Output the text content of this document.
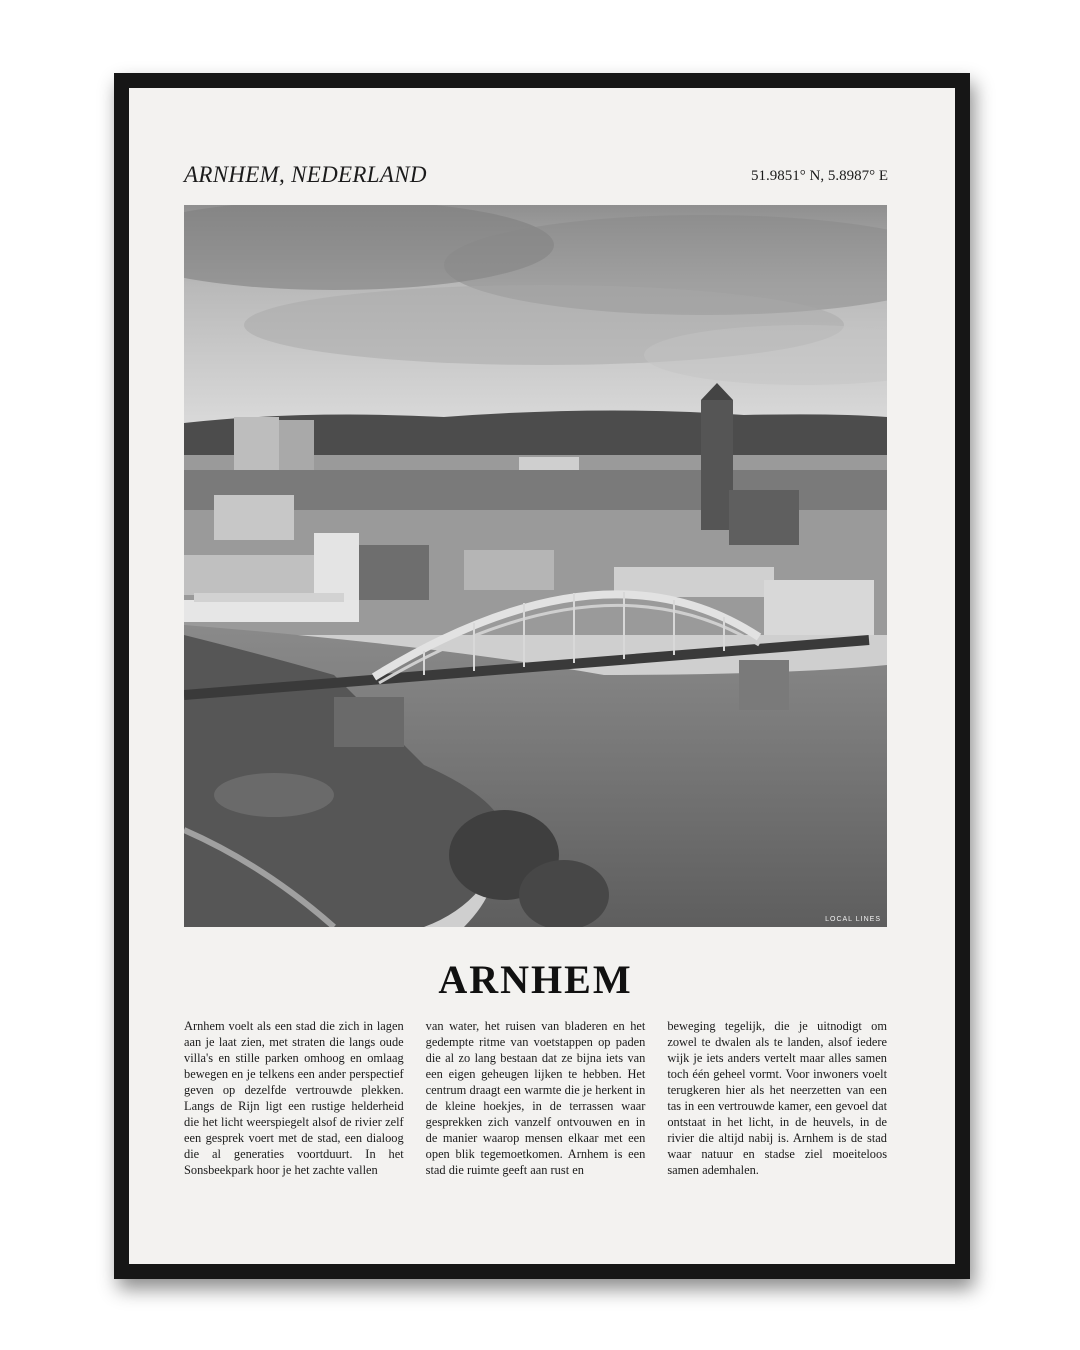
ARNHEM, NEDERLAND	51.9851° N, 5.8987° E
LOCAL LINES
ARNHEM

Arnhem voelt als een stad die zich in lagen aan je laat zien, met straten die langs oude villa's en stille parken omhoog en omlaag bewegen en je telkens een ander perspectief geven op dezelfde vertrouwde plekken. Langs de Rijn ligt een rustige helderheid die het licht weerspiegelt alsof de rivier zelf een gesprek voert met de stad, een dialoog die al generaties voortduurt. In het Sonsbeekpark hoor je het zachte vallen

van water, het ruisen van bladeren en het gedempte ritme van voetstappen op paden die al zo lang bestaan dat ze bijna iets van een eigen geheugen lijken te hebben. Het centrum draagt een warmte die je herkent in de kleine hoekjes, in de terrassen waar gesprekken zich vanzelf ontvouwen en in de manier waarop mensen elkaar met een open blik tegemoetkomen. Arnhem is een stad die ruimte geeft aan rust en

beweging tegelijk, die je uitnodigt om zowel te dwalen als te landen, alsof iedere wijk je iets anders vertelt maar alles samen toch één geheel vormt. Voor inwoners voelt terugkeren hier als het neerzetten van een tas in een vertrouwde kamer, een gevoel dat ontstaat in het licht, in de heuvels, in de rivier die altijd nabij is. Arnhem is de stad waar natuur en stadse ziel moeiteloos samen ademhalen.
